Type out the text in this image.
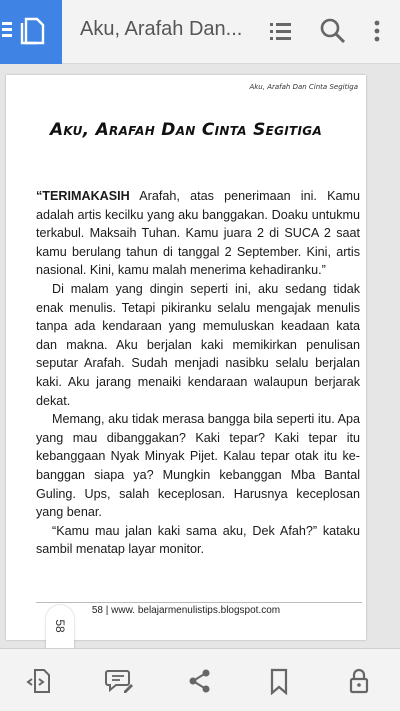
Aku, Arafah Dan...
Aku, Arafah Dan Cinta Segitiga
Aku, Arafah Dan Cinta Segitiga

“TERIMAKASIH Arafah, atas penerimaan ini. Kamu adalah artis kecilku yang aku banggakan. Doaku untukmu terkabul. Maksaih Tuhan. Kamu juara 2 di SUCA 2 saat kamu berulang tahun di tanggal 2 September. Kini, artis nasional. Kini, kamu malah menerima kehadiranku.”

Di malam yang dingin seperti ini, aku sedang tidak enak menulis. Tetapi pikiranku selalu mengajak menulis tanpa ada kendaraan yang memuluskan keadaan kata dan makna. Aku berjalan kaki memikirkan penulisan seputar Arafah. Sudah menjadi nasibku selalu berjalan kaki. Aku jarang menaiki kendaraan walaupun berjarak dekat.

Memang, aku tidak merasa bangga bila seperti itu. Apa yang mau dibanggakan? Kaki tepar? Kaki tepar itu kebanggaan Nyak Minyak Pijet. Kalau tepar otak itu kebanggan siapa ya? Mungkin kebanggan Mba Bantal Guling. Ups, salah keceplosan. Harusnya keceplosan yang benar.

“Kamu mau jalan kaki sama aku, Dek Afah?” kataku sambil menatap layar monitor.

58 | www. belajarmenulistips.blogspot.com
58
